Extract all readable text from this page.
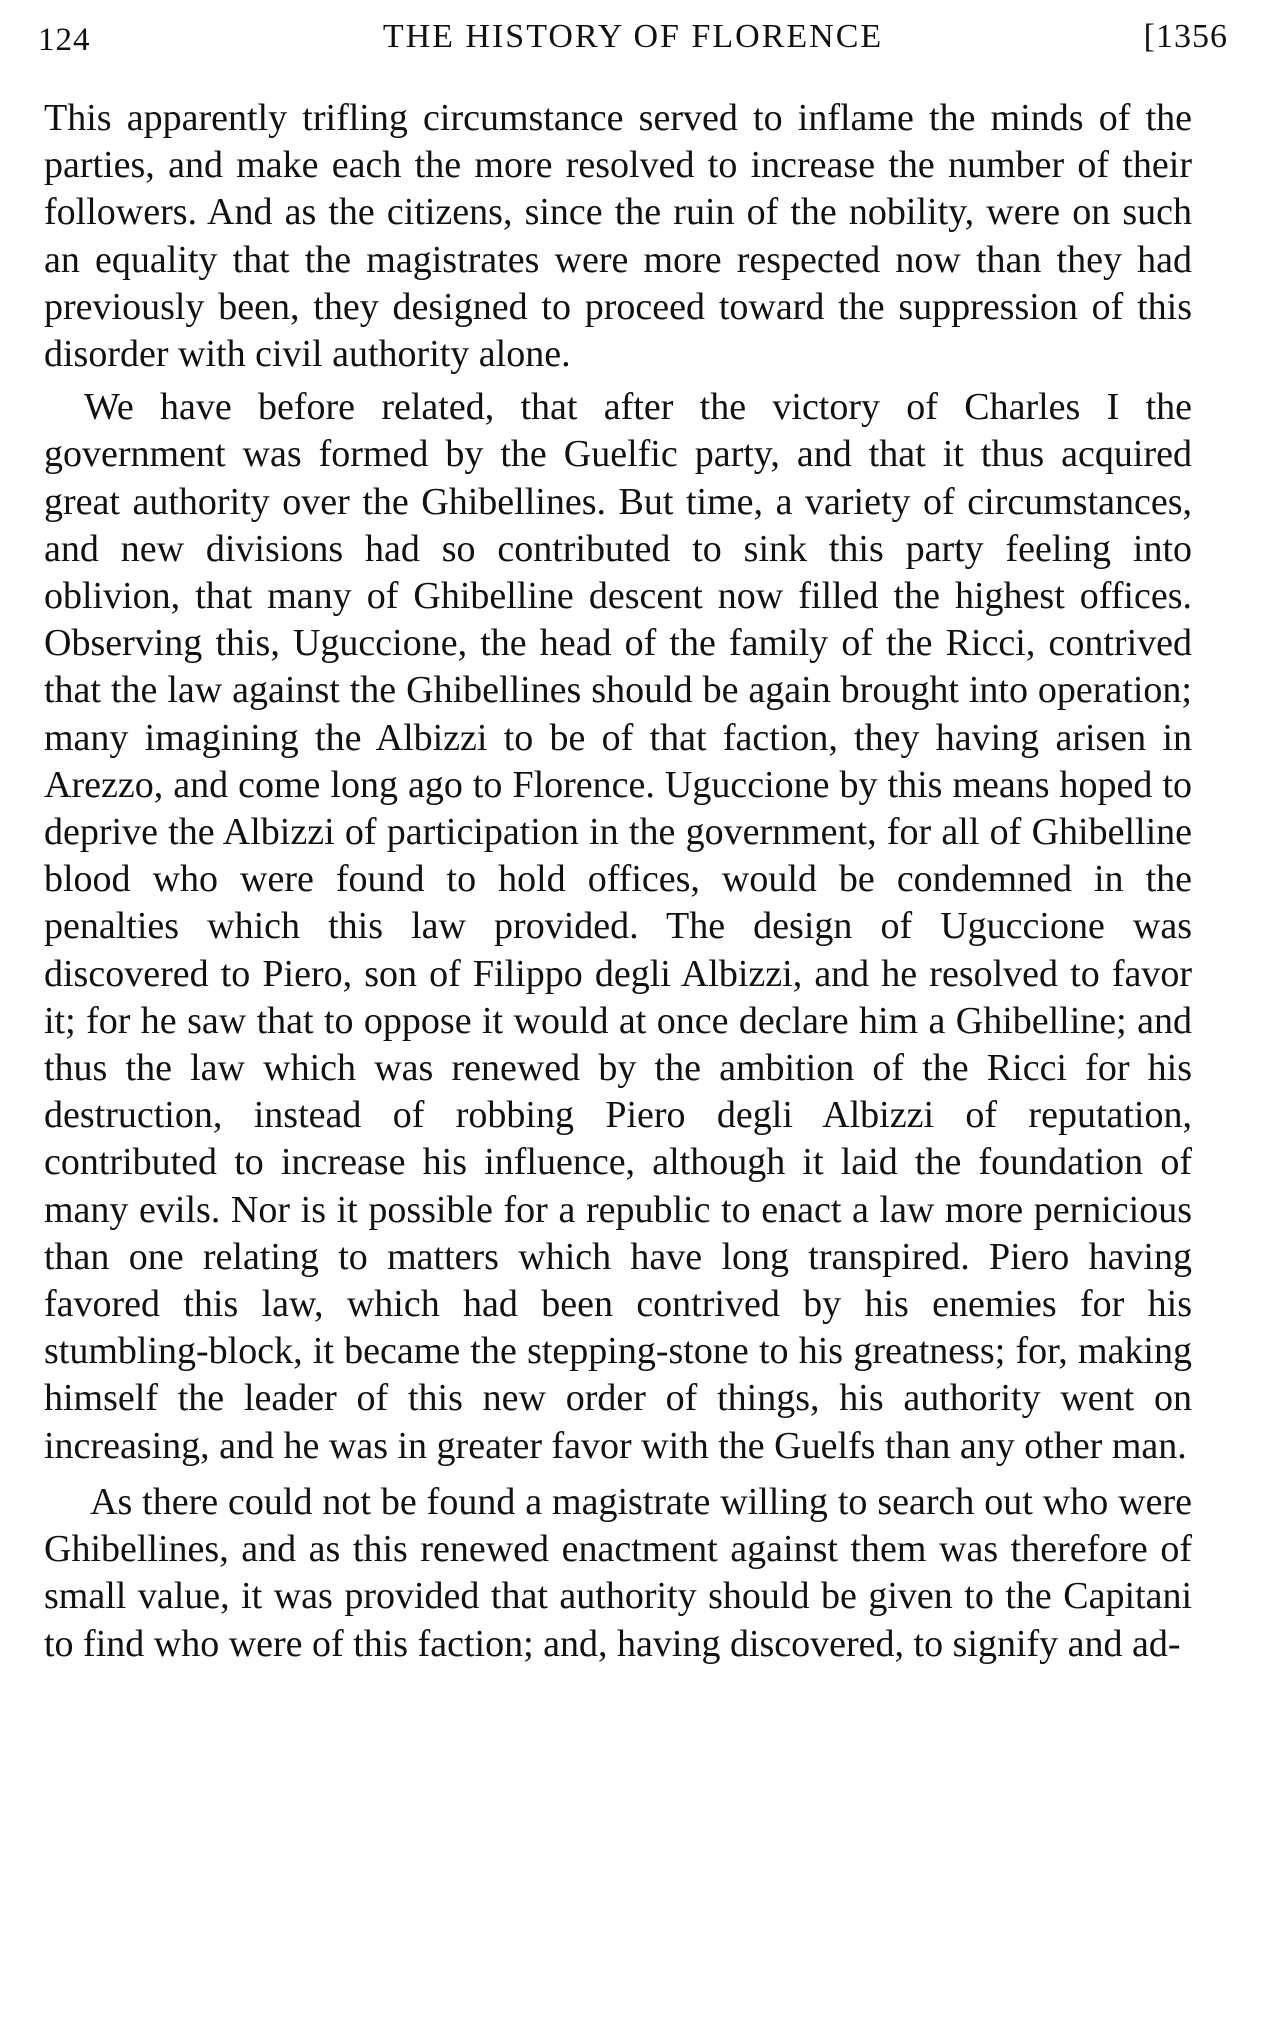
124	THE HISTORY OF FLORENCE	[1356

This apparently trifling circumstance served to inflame the minds of the parties, and make each the more resolved to increase the number of their followers. And as the citizens, since the ruin of the nobility, were on such an equality that the magistrates were more respected now than they had previously been, they designed to proceed toward the suppression of this disorder with civil authority alone.

We have before related, that after the victory of Charles I the government was formed by the Guelfic party, and that it thus acquired great authority over the Ghibellines. But time, a variety of circumstances, and new divisions had so contributed to sink this party feeling into oblivion, that many of Ghibelline descent now filled the highest offices. Observing this, Uguccione, the head of the family of the Ricci, contrived that the law against the Ghibellines should be again brought into operation; many imagining the Albizzi to be of that faction, they having arisen in Arezzo, and come long ago to Florence. Uguccione by this means hoped to deprive the Albizzi of participation in the government, for all of Ghibelline blood who were found to hold offices, would be condemned in the penalties which this law provided. The design of Uguccione was discovered to Piero, son of Filippo degli Albizzi, and he resolved to favor it; for he saw that to oppose it would at once declare him a Ghibelline; and thus the law which was renewed by the ambition of the Ricci for his destruction, instead of robbing Piero degli Albizzi of reputation, contributed to increase his influence, although it laid the foundation of many evils. Nor is it possible for a republic to enact a law more pernicious than one relating to matters which have long transpired. Piero having favored this law, which had been contrived by his enemies for his stumbling-block, it became the stepping-stone to his greatness; for, making himself the leader of this new order of things, his authority went on increasing, and he was in greater favor with the Guelfs than any other man.

As there could not be found a magistrate willing to search out who were Ghibellines, and as this renewed enactment against them was therefore of small value, it was provided that authority should be given to the Capitani to find who were of this faction; and, having discovered, to signify and ad-
